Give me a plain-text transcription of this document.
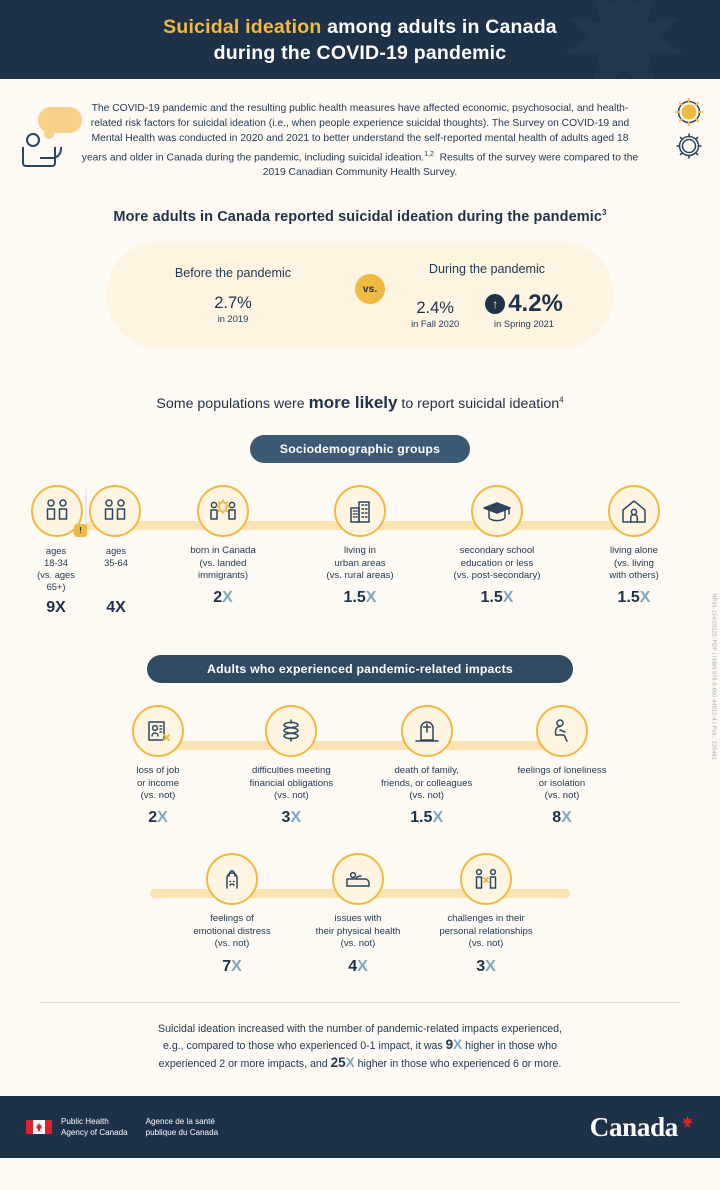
Suicidal ideation among adults in Canada
during the COVID-19 pandemic

The COVID-19 pandemic and the resulting public health measures have affected economic, psychosocial, and health-related risk factors for suicidal ideation (i.e., when people experience suicidal thoughts). The Survey on COVID-19 and Mental Health was conducted in 2020 and 2021 to better understand the self-reported mental health of adults aged 18 years and older in Canada during the pandemic, including suicidal ideation.$^{1,2}$ Results of the survey were compared to the 2019 Canadian Community Health Survey.

More adults in Canada reported suicidal ideation during the pandemic$^3$
Before the pandemic
2.7%
in 2019
vs.
During the pandemic
2.4%
in Fall 2020
↑ 4.2%
in Spring 2021
Some populations were more likely to report suicidal ideation$^4$
Sociodemographic groups
!
ages
18-34
(vs. ages 65+)
ages
35-64
9X	4X
born in Canada
(vs. landed
immigrants)
2X
living in
urban areas
(vs. rural areas)
1.5X
secondary school
education or less
(vs. post-secondary)
1.5X
living alone
(vs. living
with others)
1.5X
Adults who experienced pandemic-related impacts
loss of job
or income
(vs. not)
2X
difficulties meeting
financial obligations
(vs. not)
3X
death of family,
friends, or colleagues
(vs. not)
1.5X
feelings of loneliness
or isolation
(vs. not)
8X
feelings of
emotional distress
(vs. not)
7X
issues with
their physical health
(vs. not)
4X
challenges in their
personal relationships
(vs. not)
3X
Suicidal ideation increased with the number of pandemic-related impacts experienced,
e.g., compared to those who experienced 0-1 impact, it was 9X higher in those who
experienced 2 or more impacts, and 25X higher in those who experienced 6 or more.
HP35-154/2022E-PDF | ISBN 978-0-660-44812-4 | Pub.: 220461
Public Health
Agency of Canada
Agence de la santé
publique du Canada	Canada
